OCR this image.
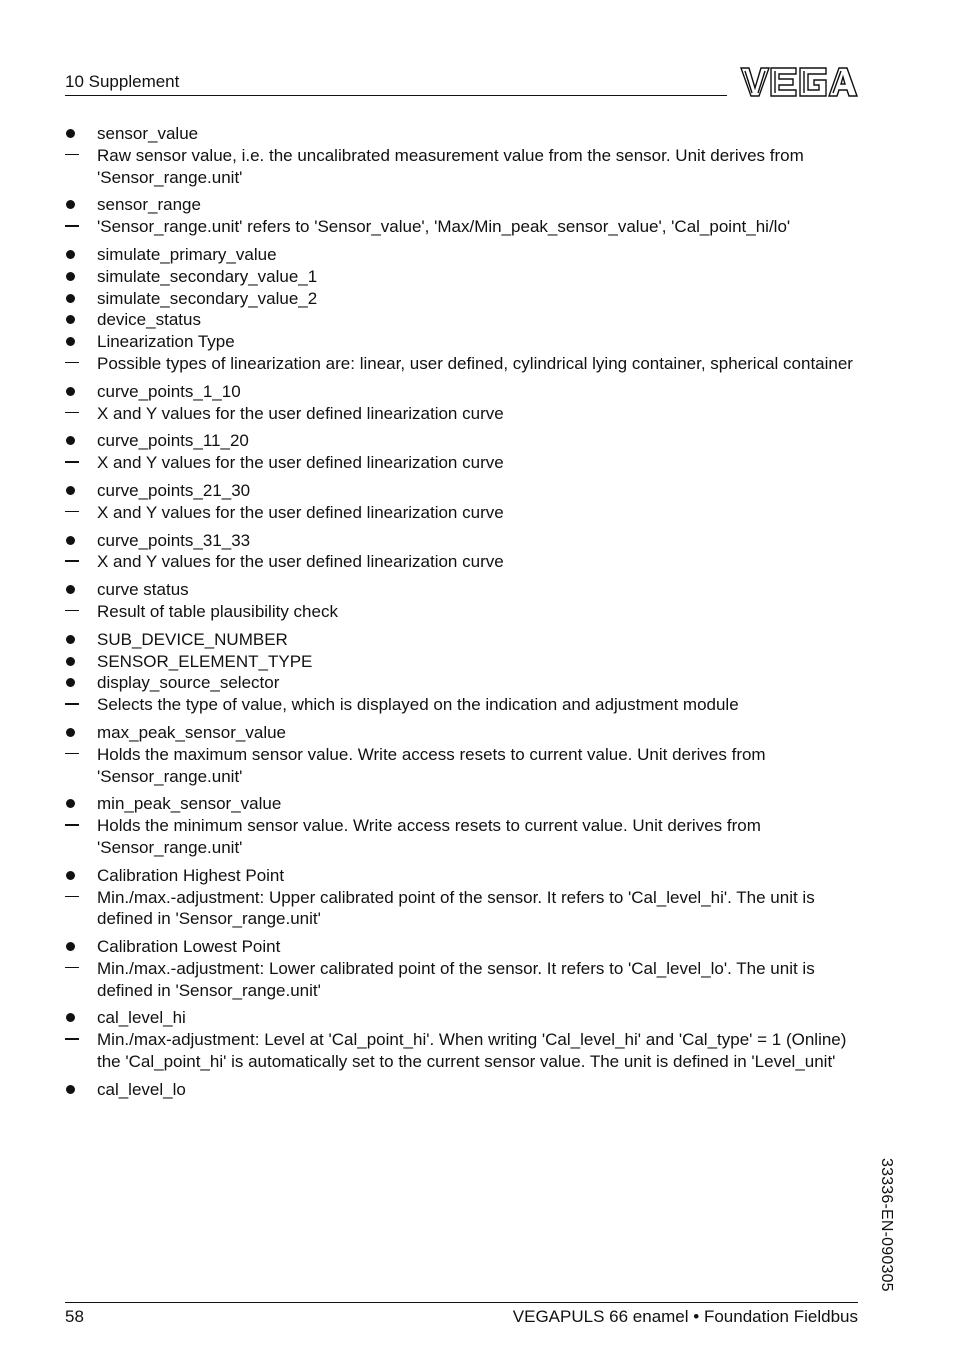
10 Supplement
sensor_value
Raw sensor value, i.e. the uncalibrated measurement value from the sensor. Unit derives from 'Sensor_range.unit'
sensor_range
'Sensor_range.unit' refers to 'Sensor_value', 'Max/Min_peak_sensor_value', 'Cal_point_hi/lo'
simulate_primary_value
simulate_secondary_value_1
simulate_secondary_value_2
device_status
Linearization Type
Possible types of linearization are: linear, user defined, cylindrical lying container, spherical container
curve_points_1_10
X and Y values for the user defined linearization curve
curve_points_11_20
X and Y values for the user defined linearization curve
curve_points_21_30
X and Y values for the user defined linearization curve
curve_points_31_33
X and Y values for the user defined linearization curve
curve status
Result of table plausibility check
SUB_DEVICE_NUMBER
SENSOR_ELEMENT_TYPE
display_source_selector
Selects the type of value, which is displayed on the indication and adjustment module
max_peak_sensor_value
Holds the maximum sensor value. Write access resets to current value. Unit derives from 'Sensor_range.unit'
min_peak_sensor_value
Holds the minimum sensor value. Write access resets to current value. Unit derives from 'Sensor_range.unit'
Calibration Highest Point
Min./max.-adjustment: Upper calibrated point of the sensor. It refers to 'Cal_level_hi'. The unit is defined in 'Sensor_range.unit'
Calibration Lowest Point
Min./max.-adjustment: Lower calibrated point of the sensor. It refers to 'Cal_level_lo'. The unit is defined in 'Sensor_range.unit'
cal_level_hi
Min./max-adjustment: Level at 'Cal_point_hi'. When writing 'Cal_level_hi' and 'Cal_type' = 1 (Online) the 'Cal_point_hi' is automatically set to the current sensor value. The unit is defined in 'Level_unit'
cal_level_lo
33336-EN-090305
58	VEGAPULS 66 enamel • Foundation Fieldbus
